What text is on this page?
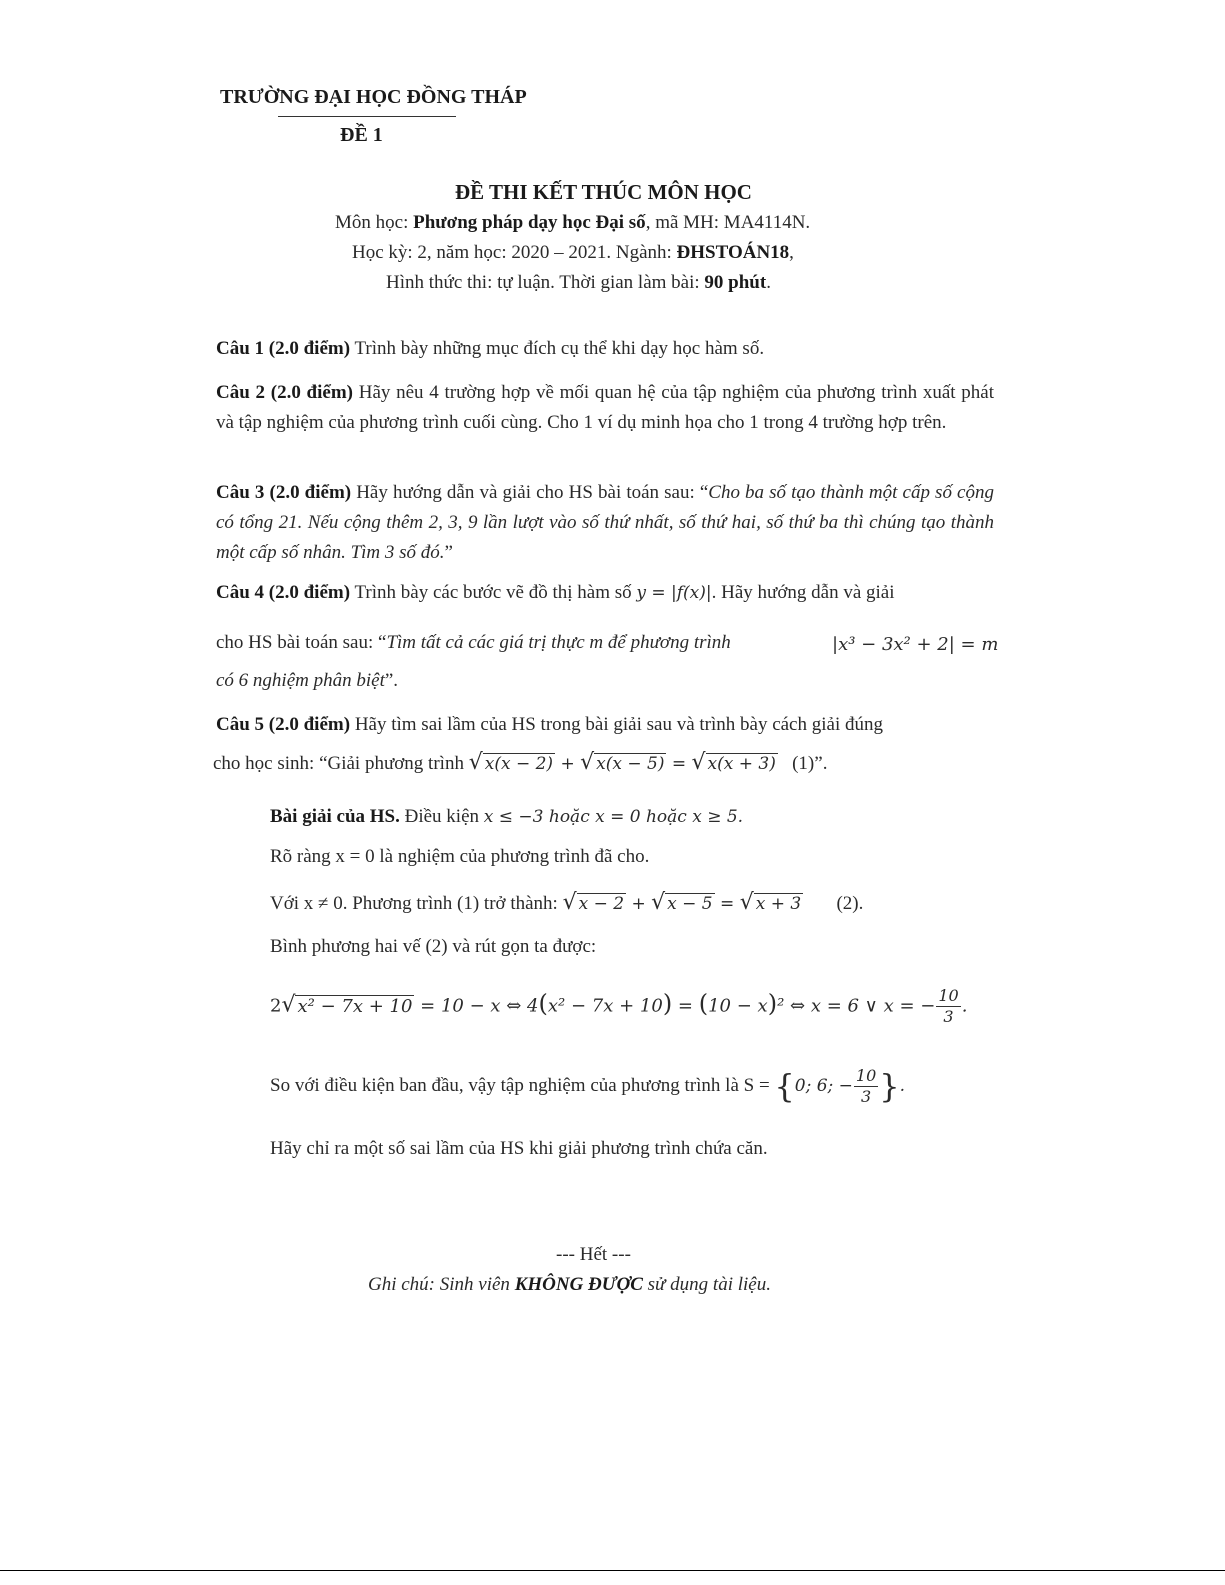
TRƯỜNG ĐẠI HỌC ĐỒNG THÁP
ĐỀ 1
ĐỀ THI KẾT THÚC MÔN HỌC
Môn học: Phương pháp dạy học Đại số, mã MH: MA4114N.
Học kỳ: 2, năm học: 2020 – 2021. Ngành: ĐHSTOÁN18,
Hình thức thi: tự luận. Thời gian làm bài: 90 phút.
Câu 1 (2.0 điểm) Trình bày những mục đích cụ thể khi dạy học hàm số.
Câu 2 (2.0 điểm) Hãy nêu 4 trường hợp về mối quan hệ của tập nghiệm của phương trình xuất phát và tập nghiệm của phương trình cuối cùng. Cho 1 ví dụ minh họa cho 1 trong 4 trường hợp trên.
Câu 3 (2.0 điểm) Hãy hướng dẫn và giải cho HS bài toán sau: “Cho ba số tạo thành một cấp số cộng có tổng 21. Nếu cộng thêm 2, 3, 9 lần lượt vào số thứ nhất, số thứ hai, số thứ ba thì chúng tạo thành một cấp số nhân. Tìm 3 số đó.”
Câu 4 (2.0 điểm) Trình bày các bước vẽ đồ thị hàm số y = |f(x)|. Hãy hướng dẫn và giải
cho HS bài toán sau: “Tìm tất cả các giá trị thực m để phương trình	|x³ − 3x² + 2| = m
có 6 nghiệm phân biệt”.
Câu 5 (2.0 điểm) Hãy tìm sai lầm của HS trong bài giải sau và trình bày cách giải đúng
cho học sinh: “Giải phương trình √ x(x − 2) + √ x(x − 5) = √ x(x + 3) (1)”.
Bài giải của HS. Điều kiện x ≤ −3 hoặc x = 0 hoặc x ≥ 5.
Rõ ràng x = 0 là nghiệm của phương trình đã cho.
Với x ≠ 0. Phương trình (1) trở thành: √ x − 2 + √ x − 5 = √ x + 3 (2).
Bình phương hai vế (2) và rút gọn ta được:
2√ x² − 7x + 10 = 10 − x ⇔ 4(x² − 7x + 10) = (10 − x)² ⇔ x = 6 ∨ x = − $\frac{10}{3}$ .
So với điều kiện ban đầu, vậy tập nghiệm của phương trình là S = {0; 6; − $\frac{10}{3}$ }.
Hãy chỉ ra một số sai lầm của HS khi giải phương trình chứa căn.
--- Hết ---
Ghi chú: Sinh viên KHÔNG ĐƯỢC sử dụng tài liệu.
